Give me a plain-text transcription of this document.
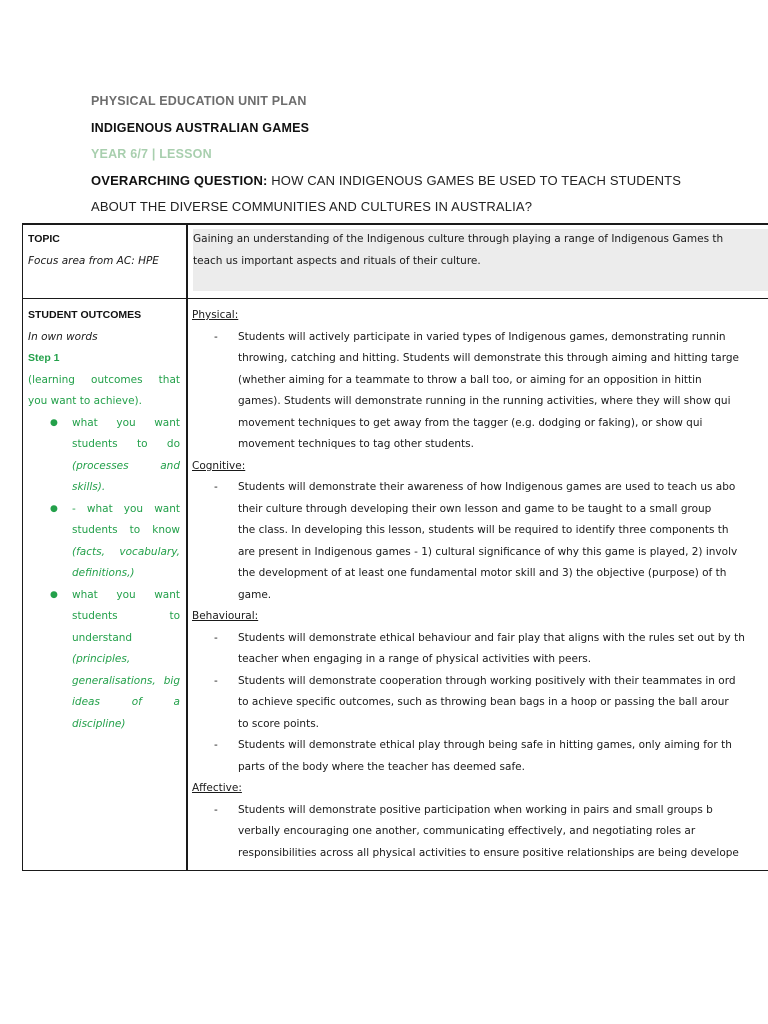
PHYSICAL EDUCATION UNIT PLAN
INDIGENOUS AUSTRALIAN GAMES
YEAR 6/7 | LESSON
OVERARCHING QUESTION: HOW CAN INDIGENOUS GAMES BE USED TO TEACH STUDENTS
ABOUT THE DIVERSE COMMUNITIES AND CULTURES IN AUSTRALIA?
TOPIC
Focus area from AC: HPE
Gaining an understanding of the Indigenous culture through playing a range of Indigenous Games th
teach us important aspects and rituals of their culture.
STUDENT OUTCOMES
In own words
Step 1
(learning outcomes that
you want to achieve).
● what you want
students to do
(processes and
skills).
● - what you want
students to know
(facts, vocabulary,
definitions,)
● what you want
students to
understand
(principles,
generalisations, big
ideas of a
discipline)
Physical:
- Students will actively participate in varied types of Indigenous games, demonstrating runnin
throwing, catching and hitting. Students will demonstrate this through aiming and hitting targe
(whether aiming for a teammate to throw a ball too, or aiming for an opposition in hittin
games). Students will demonstrate running in the running activities, where they will show qui
movement techniques to get away from the tagger (e.g. dodging or faking), or show qui
movement techniques to tag other students.
Cognitive:
- Students will demonstrate their awareness of how Indigenous games are used to teach us abo
their culture through developing their own lesson and game to be taught to a small group
the class. In developing this lesson, students will be required to identify three components th
are present in Indigenous games - 1) cultural significance of why this game is played, 2) involv
the development of at least one fundamental motor skill and 3) the objective (purpose) of th
game.
Behavioural:
- Students will demonstrate ethical behaviour and fair play that aligns with the rules set out by th
teacher when engaging in a range of physical activities with peers.
- Students will demonstrate cooperation through working positively with their teammates in ord
to achieve specific outcomes, such as throwing bean bags in a hoop or passing the ball arour
to score points.
- Students will demonstrate ethical play through being safe in hitting games, only aiming for th
parts of the body where the teacher has deemed safe.
Affective:
- Students will demonstrate positive participation when working in pairs and small groups b
verbally encouraging one another, communicating effectively, and negotiating roles ar
responsibilities across all physical activities to ensure positive relationships are being develope
